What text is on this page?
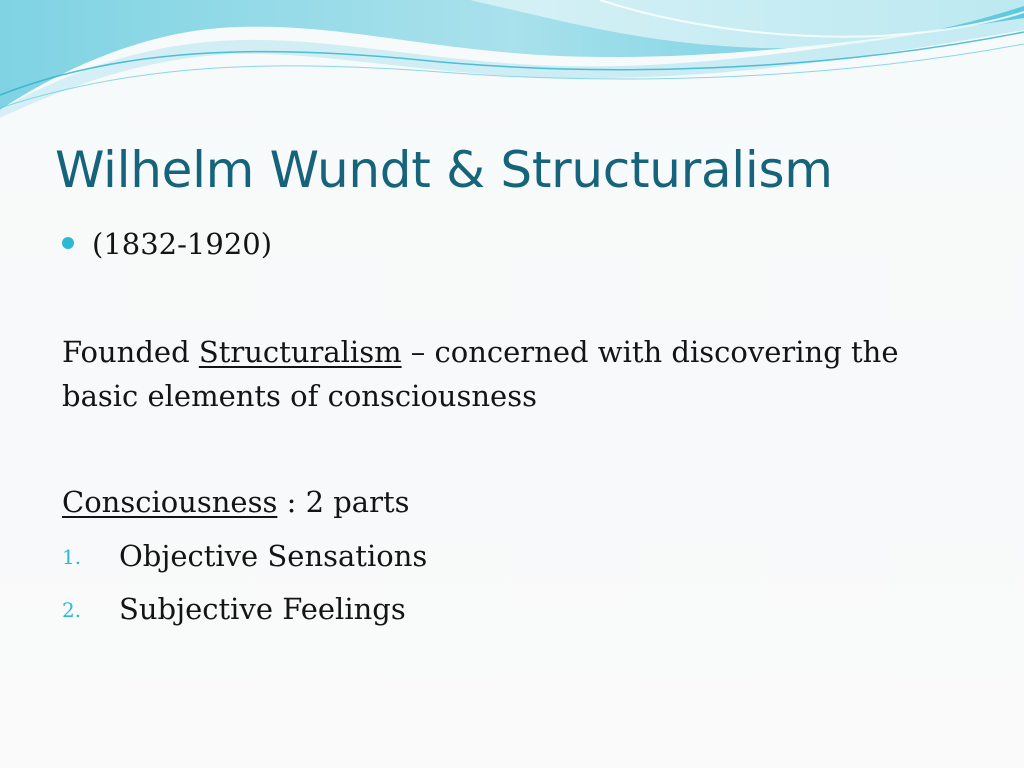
Wilhelm Wundt & Structuralism
(1832-1920)
Founded Structuralism – concerned with discovering the
basic elements of consciousness
Consciousness : 2 parts
1. Objective Sensations
2. Subjective Feelings
